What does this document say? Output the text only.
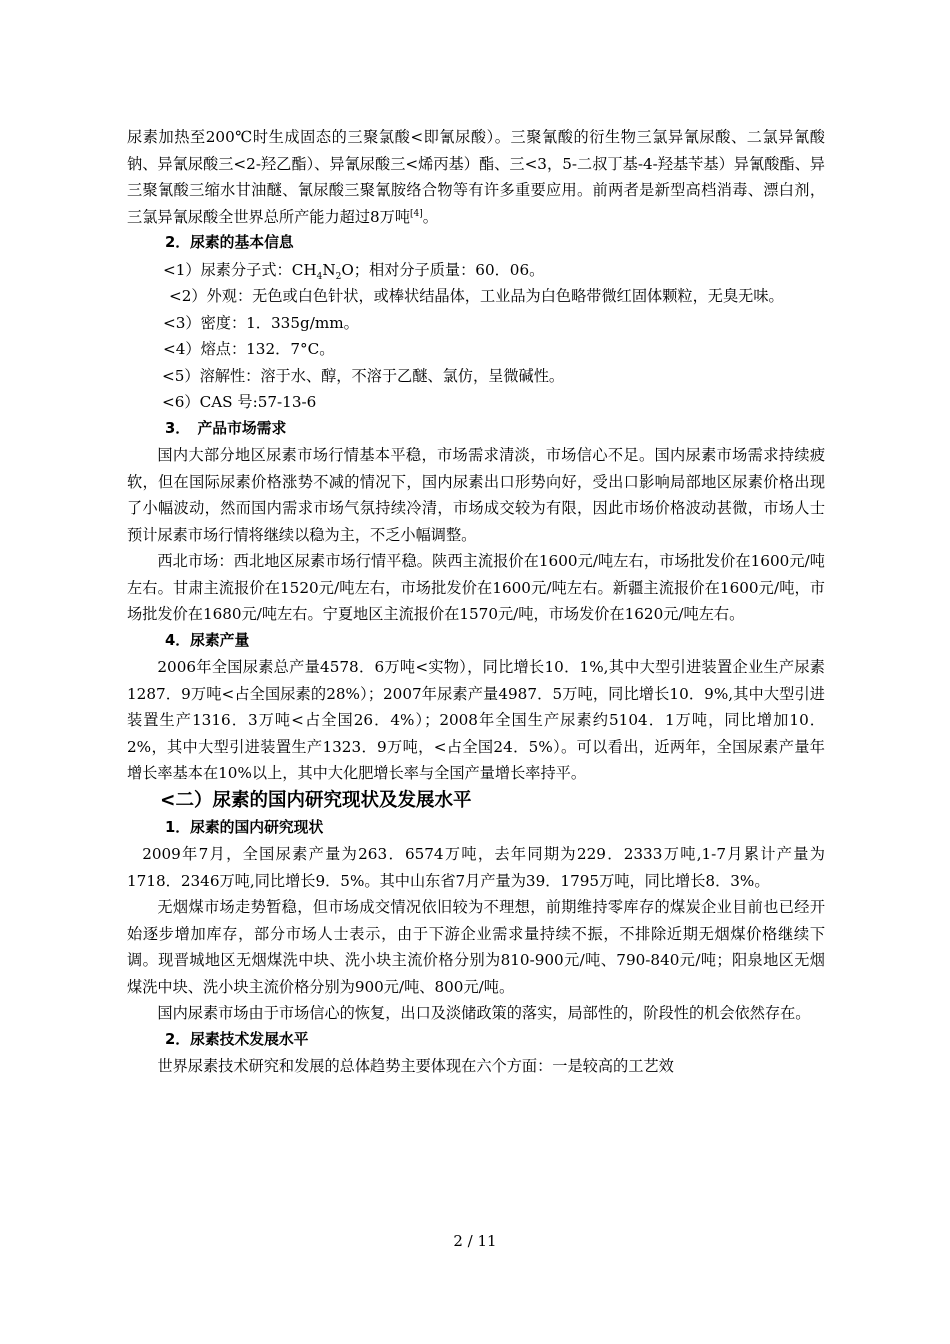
尿素加热至200℃时生成固态的三聚氯酸<即氰尿酸）。三聚氰酸的衍生物三氯异氰尿酸、二氯异氰酸钠、异氰尿酸三<2-羟乙酯）、异氰尿酸三<烯丙基）酯、三<3，5-二叔丁基-4-羟基苄基）异氰酸酯、异三聚氰酸三缩水甘油醚、氰尿酸三聚氰胺络合物等有许多重要应用。前两者是新型高档消毒、漂白剂，三氯异氰尿酸全世界总所产能力超过8万吨[4]。

2．尿素的基本信息

<1）尿素分子式：$CH_4N_2O$；相对分子质量：60．06。

<2）外观：无色或白色针状，或棒状结晶体，工业品为白色略带微红固体颗粒，无臭无味。

<3）密度：1．335g/mm。

<4）熔点：132．7°C。

<5）溶解性：溶于水、醇，不溶于乙醚、氯仿，呈微碱性。

<6）CAS 号:57-13-6

3．　产品市场需求

国内大部分地区尿素市场行情基本平稳，市场需求清淡，市场信心不足。国内尿素市场需求持续疲软，但在国际尿素价格涨势不减的情况下，国内尿素出口形势向好，受出口影响局部地区尿素价格出现了小幅波动，然而国内需求市场气氛持续冷清，市场成交较为有限，因此市场价格波动甚微，市场人士预计尿素市场行情将继续以稳为主，不乏小幅调整。

西北市场：西北地区尿素市场行情平稳。陕西主流报价在1600元/吨左右，市场批发价在1600元/吨左右。甘肃主流报价在1520元/吨左右，市场批发价在1600元/吨左右。新疆主流报价在1600元/吨，市场批发价在1680元/吨左右。宁夏地区主流报价在1570元/吨，市场发价在1620元/吨左右。

4．尿素产量

2006年全国尿素总产量4578．6万吨<实物），同比增长10．1%,其中大型引进装置企业生产尿素1287．9万吨<占全国尿素的28%）；2007年尿素产量4987．5万吨，同比增长10．9%,其中大型引进装置生产1316．3万吨<占全国26．4%）；2008年全国生产尿素约5104．1万吨，同比增加10．2%，其中大型引进装置生产1323．9万吨，<占全国24．5%）。可以看出，近两年，全国尿素产量年增长率基本在10%以上，其中大化肥增长率与全国产量增长率持平。

<二）尿素的国内研究现状及发展水平

1．尿素的国内研究现状

2009年7月，全国尿素产量为263．6574万吨，去年同期为229．2333万吨,1-7月累计产量为1718．2346万吨,同比增长9．5%。其中山东省7月产量为39．1795万吨，同比增长8．3%。

无烟煤市场走势暂稳，但市场成交情况依旧较为不理想，前期维持零库存的煤炭企业目前也已经开始逐步增加库存，部分市场人士表示，由于下游企业需求量持续不振，不排除近期无烟煤价格继续下调。现晋城地区无烟煤洗中块、洗小块主流价格分别为810-900元/吨、790-840元/吨；阳泉地区无烟煤洗中块、洗小块主流价格分别为900元/吨、800元/吨。

国内尿素市场由于市场信心的恢复，出口及淡储政策的落实，局部性的，阶段性的机会依然存在。

2．尿素技术发展水平

世界尿素技术研究和发展的总体趋势主要体现在六个方面：一是较高的工艺效

2 / 11
